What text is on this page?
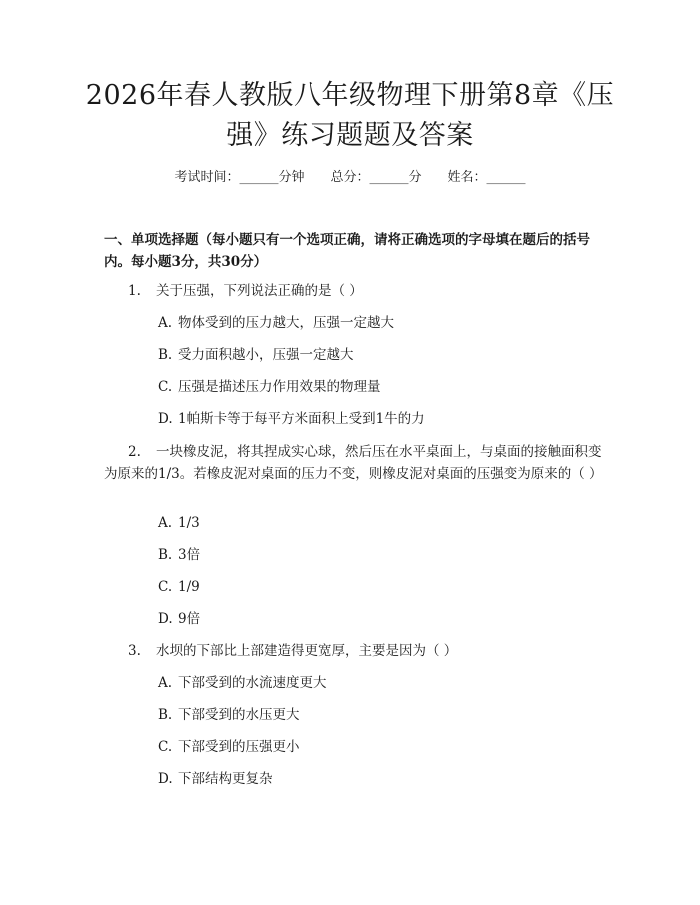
2026年春人教版八年级物理下册第8章《压
强》练习题题及答案
考试时间：______分钟 总分：______分 姓名：______
一、单项选择题（每小题只有一个选项正确，请将正确选项的字母填在题后的括号内。每小题3分，共30分）
1. 关于压强，下列说法正确的是（ ）
A. 物体受到的压力越大，压强一定越大
B. 受力面积越小，压强一定越大
C. 压强是描述压力作用效果的物理量
D. 1帕斯卡等于每平方米面积上受到1牛的力
2. 一块橡皮泥，将其捏成实心球，然后压在水平桌面上，与桌面的接触面积变为原来的1/3。若橡皮泥对桌面的压力不变，则橡皮泥对桌面的压强变为原来的（ ）
A. 1/3
B. 3倍
C. 1/9
D. 9倍
3. 水坝的下部比上部建造得更宽厚，主要是因为（ ）
A. 下部受到的水流速度更大
B. 下部受到的水压更大
C. 下部受到的压强更小
D. 下部结构更复杂
